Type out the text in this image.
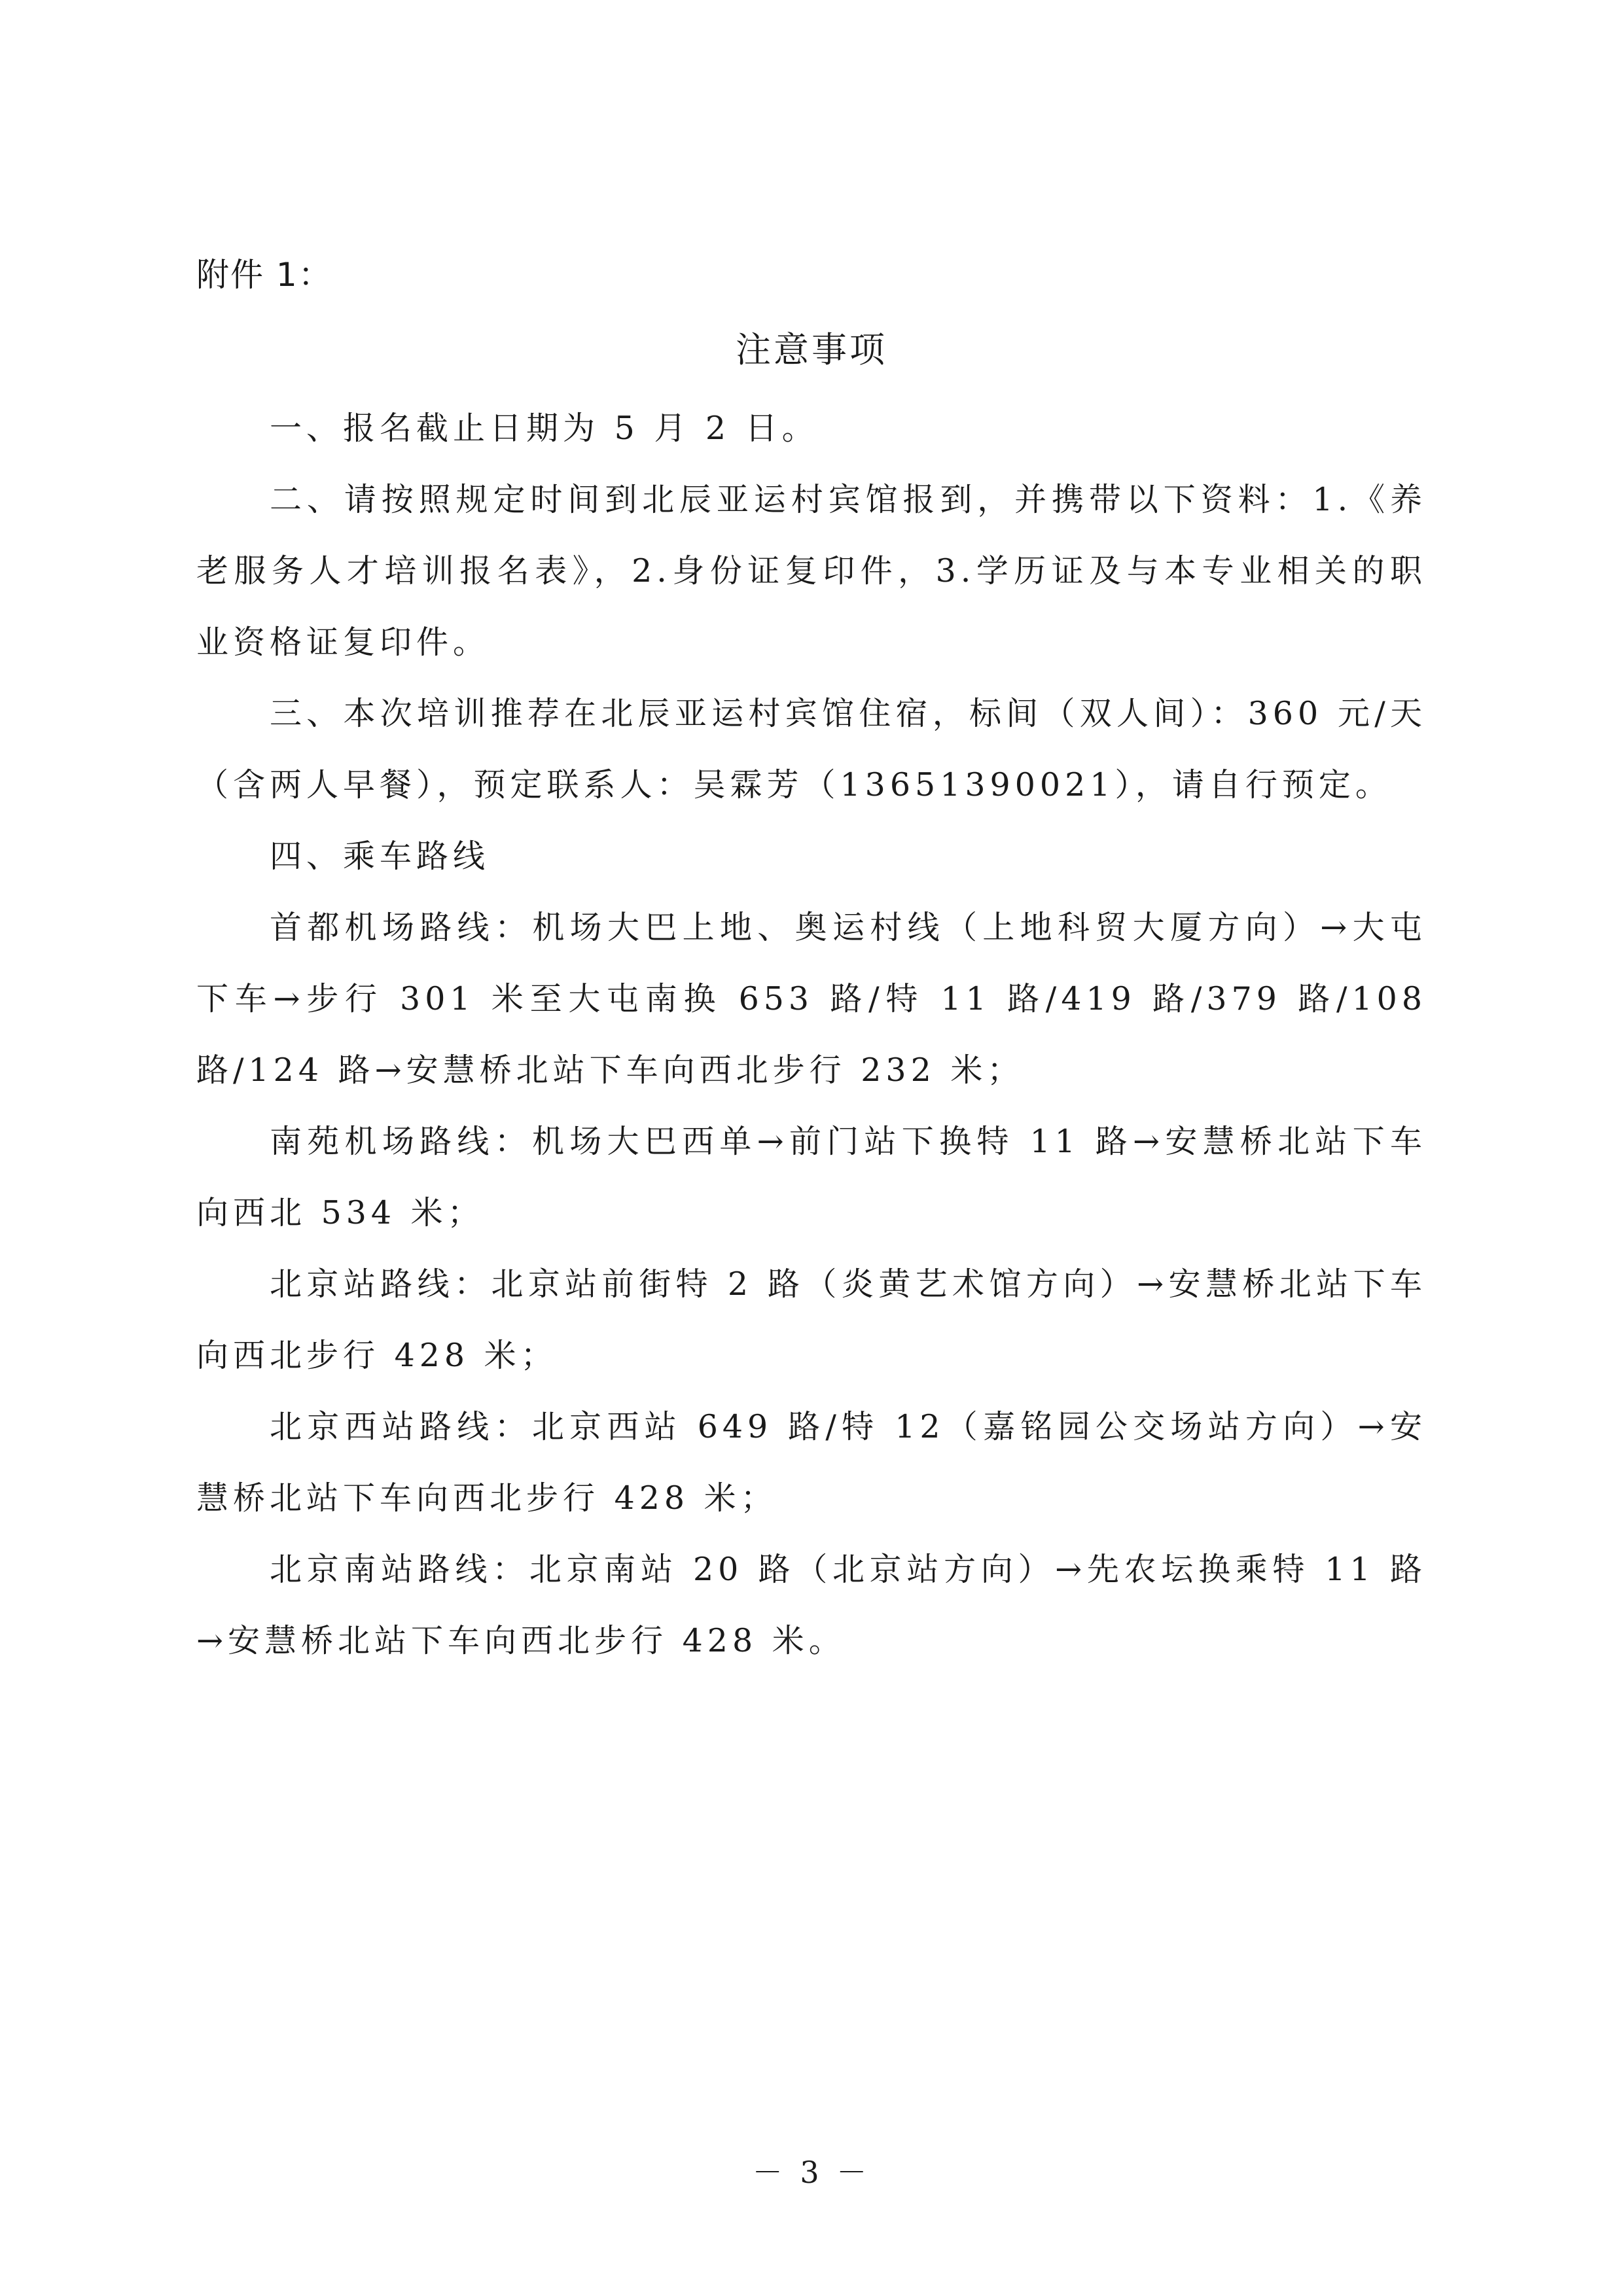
附件 1：
注意事项

一、报名截止日期为 5 月 2 日。

二、请按照规定时间到北辰亚运村宾馆报到，并携带以下资料：1.《养老服务人才培训报名表》，2.身份证复印件，3.学历证及与本专业相关的职业资格证复印件。

三、本次培训推荐在北辰亚运村宾馆住宿，标间（双人间）：360 元/天（含两人早餐），预定联系人：吴霖芳（13651390021），请自行预定。

四、乘车路线

首都机场路线：机场大巴上地、奥运村线（上地科贸大厦方向）→大屯下车→步行 301 米至大屯南换 653 路/特 11 路/419 路/379 路/108 路/124 路→安慧桥北站下车向西北步行 232 米；

南苑机场路线：机场大巴西单→前门站下换特 11 路→安慧桥北站下车向西北 534 米；

北京站路线：北京站前街特 2 路（炎黄艺术馆方向）→安慧桥北站下车向西北步行 428 米；

北京西站路线：北京西站 649 路/特 12（嘉铭园公交场站方向）→安慧桥北站下车向西北步行 428 米；

北京南站路线：北京南站 20 路（北京站方向）→先农坛换乘特 11 路→安慧桥北站下车向西北步行 428 米。

－ 3 －
